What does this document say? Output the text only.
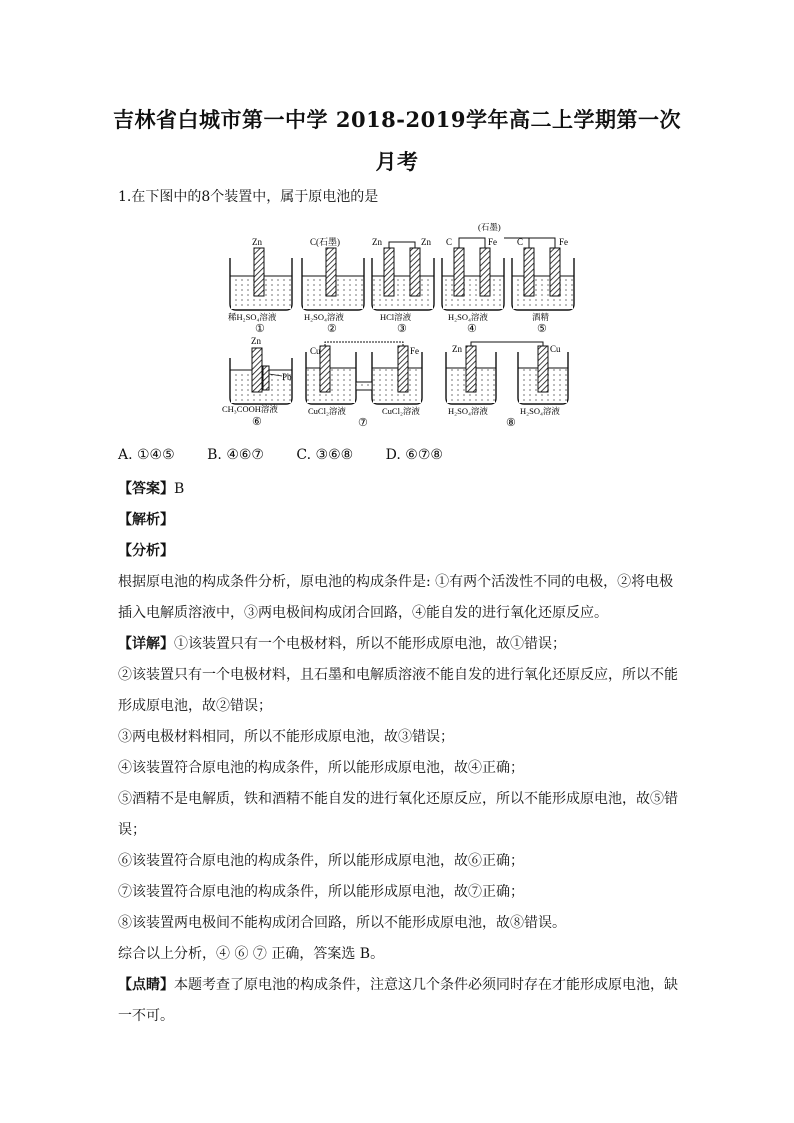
吉林省白城市第一中学 2018-2019学年高二上学期第一次
月考
1.在下图中的8个装置中，属于原电池的是
Zn
稀H₂SO₄溶液
①
C(石墨)
H₂SO₄溶液
②
Zn	Zn
HCl溶液
③
(石墨)
C	Fe
H₂SO₄溶液
④
C	Fe
酒精
⑤
Zn
Pb
CH₃COOH溶液
⑥
Cu	Fe
CuCl₂溶液	CuCl₂溶液
⑦
Zn	Cu
H₂SO₄溶液	H₂SO₄溶液
⑧
A. ①④⑤ B. ④⑥⑦ C. ③⑥⑧ D. ⑥⑦⑧
【答案】B
【解析】
【分析】
根据原电池的构成条件分析，原电池的构成条件是: ①有两个活泼性不同的电极，②将电极
插入电解质溶液中，③两电极间构成闭合回路，④能自发的进行氧化还原反应。
【详解】①该装置只有一个电极材料，所以不能形成原电池，故①错误；
②该装置只有一个电极材料，且石墨和电解质溶液不能自发的进行氧化还原反应，所以不能
形成原电池，故②错误；
③两电极材料相同，所以不能形成原电池，故③错误；
④该装置符合原电池的构成条件，所以能形成原电池，故④正确；
⑤酒精不是电解质，铁和酒精不能自发的进行氧化还原反应，所以不能形成原电池，故⑤错
误；
⑥该装置符合原电池的构成条件，所以能形成原电池，故⑥正确；
⑦该装置符合原电池的构成条件，所以能形成原电池，故⑦正确；
⑧该装置两电极间不能构成闭合回路，所以不能形成原电池，故⑧错误。
综合以上分析，④ ⑥ ⑦ 正确，答案选 B。
【点睛】本题考查了原电池的构成条件，注意这几个条件必须同时存在才能形成原电池，缺
一不可。
